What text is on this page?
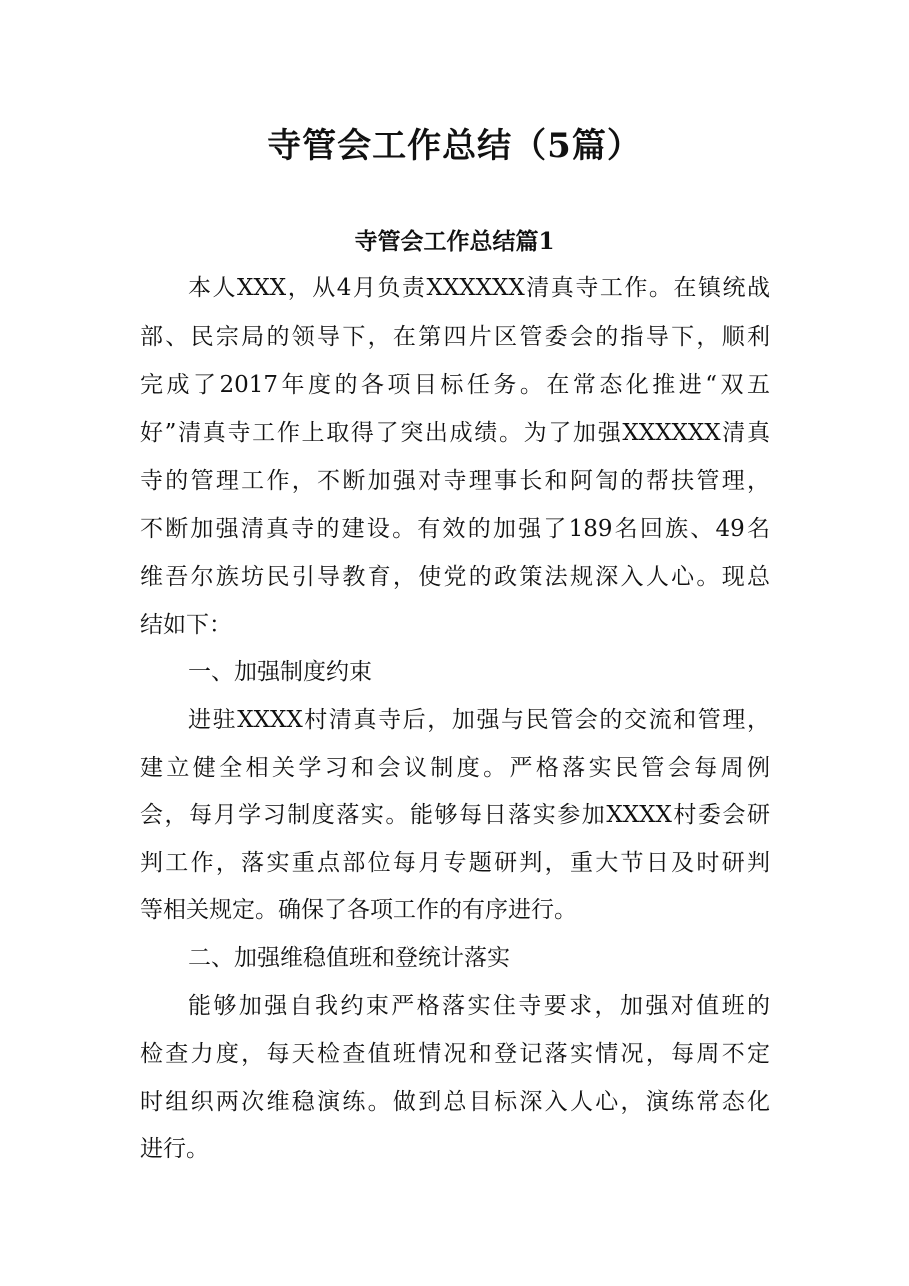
寺管会工作总结（5篇）
寺管会工作总结篇1
本人XXX，从4月负责XXXXXX清真寺工作。在镇统战
部、民宗局的领导下，在第四片区管委会的指导下，顺利
完成了2017年度的各项目标任务。在常态化推进“双五
好”清真寺工作上取得了突出成绩。为了加强XXXXXX清真
寺的管理工作，不断加强对寺理事长和阿訇的帮扶管理，
不断加强清真寺的建设。有效的加强了189名回族、49名
维吾尔族坊民引导教育，使党的政策法规深入人心。现总
结如下：
一、加强制度约束
进驻XXXX村清真寺后，加强与民管会的交流和管理，
建立健全相关学习和会议制度。严格落实民管会每周例
会，每月学习制度落实。能够每日落实参加XXXX村委会研
判工作，落实重点部位每月专题研判，重大节日及时研判
等相关规定。确保了各项工作的有序进行。
二、加强维稳值班和登统计落实
能够加强自我约束严格落实住寺要求，加强对值班的
检查力度，每天检查值班情况和登记落实情况，每周不定
时组织两次维稳演练。做到总目标深入人心，演练常态化
进行。
